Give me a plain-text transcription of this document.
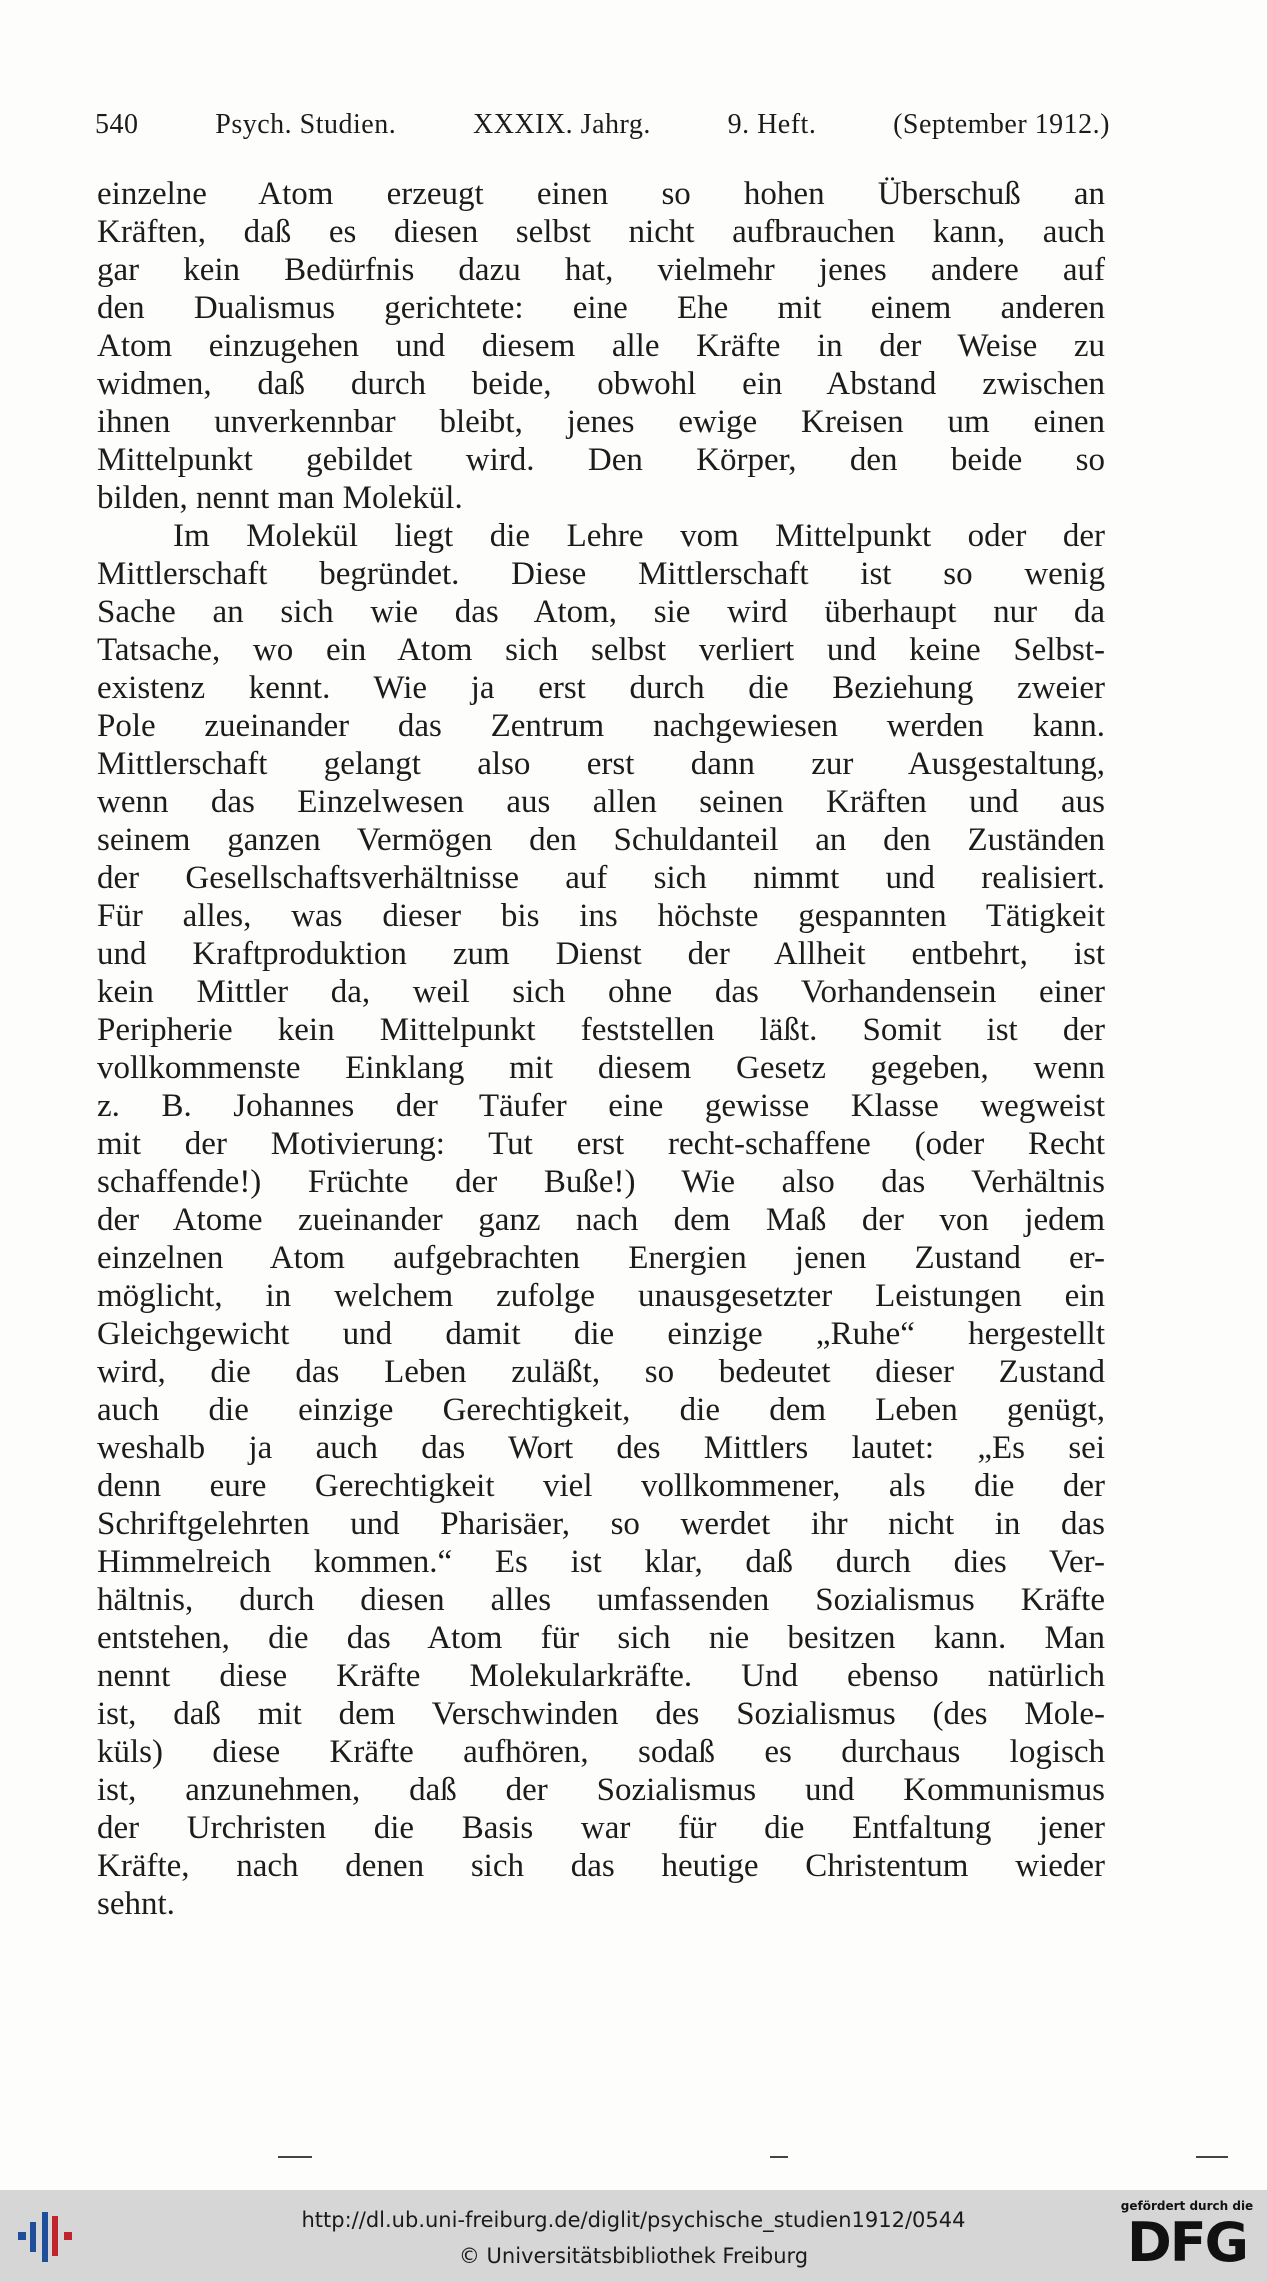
540	Psych. Studien.	XXXIX. Jahrg.	9. Heft.	(September 1912.)
einzelne Atom erzeugt einen so hohen Überschuß an
Kräften, daß es diesen selbst nicht aufbrauchen kann, auch
gar kein Bedürfnis dazu hat, vielmehr jenes andere auf
den Dualismus gerichtete: eine Ehe mit einem anderen
Atom einzugehen und diesem alle Kräfte in der Weise zu
widmen, daß durch beide, obwohl ein Abstand zwischen
ihnen unverkennbar bleibt, jenes ewige Kreisen um einen
Mittelpunkt gebildet wird. Den Körper, den beide so
bilden, nennt man Molekül.
Im Molekül liegt die Lehre vom Mittelpunkt oder der
Mittlerschaft begründet. Diese Mittlerschaft ist so wenig
Sache an sich wie das Atom, sie wird überhaupt nur da
Tatsache, wo ein Atom sich selbst verliert und keine Selbst-
existenz kennt. Wie ja erst durch die Beziehung zweier
Pole zueinander das Zentrum nachgewiesen werden kann.
Mittlerschaft gelangt also erst dann zur Ausgestaltung,
wenn das Einzelwesen aus allen seinen Kräften und aus
seinem ganzen Vermögen den Schuldanteil an den Zuständen
der Gesellschaftsverhältnisse auf sich nimmt und realisiert.
Für alles, was dieser bis ins höchste gespannten Tätigkeit
und Kraftproduktion zum Dienst der Allheit entbehrt, ist
kein Mittler da, weil sich ohne das Vorhandensein einer
Peripherie kein Mittelpunkt feststellen läßt. Somit ist der
vollkommenste Einklang mit diesem Gesetz gegeben, wenn
z. B. Johannes der Täufer eine gewisse Klasse wegweist
mit der Motivierung: Tut erst recht-schaffene (oder Recht
schaffende!) Früchte der Buße!) Wie also das Verhältnis
der Atome zueinander ganz nach dem Maß der von jedem
einzelnen Atom aufgebrachten Energien jenen Zustand er-
möglicht, in welchem zufolge unausgesetzter Leistungen ein
Gleichgewicht und damit die einzige „Ruhe“ hergestellt
wird, die das Leben zuläßt, so bedeutet dieser Zustand
auch die einzige Gerechtigkeit, die dem Leben genügt,
weshalb ja auch das Wort des Mittlers lautet: „Es sei
denn eure Gerechtigkeit viel vollkommener, als die der
Schriftgelehrten und Pharisäer, so werdet ihr nicht in das
Himmelreich kommen.“ Es ist klar, daß durch dies Ver-
hältnis, durch diesen alles umfassenden Sozialismus Kräfte
entstehen, die das Atom für sich nie besitzen kann. Man
nennt diese Kräfte Molekularkräfte. Und ebenso natürlich
ist, daß mit dem Verschwinden des Sozialismus (des Mole-
küls) diese Kräfte aufhören, sodaß es durchaus logisch
ist, anzunehmen, daß der Sozialismus und Kommunismus
der Urchristen die Basis war für die Entfaltung jener
Kräfte, nach denen sich das heutige Christentum wieder
sehnt.
http://dl.ub.uni-freiburg.de/diglit/psychische_studien1912/0544
© Universitätsbibliothek Freiburg
gefördert durch die
DFG
